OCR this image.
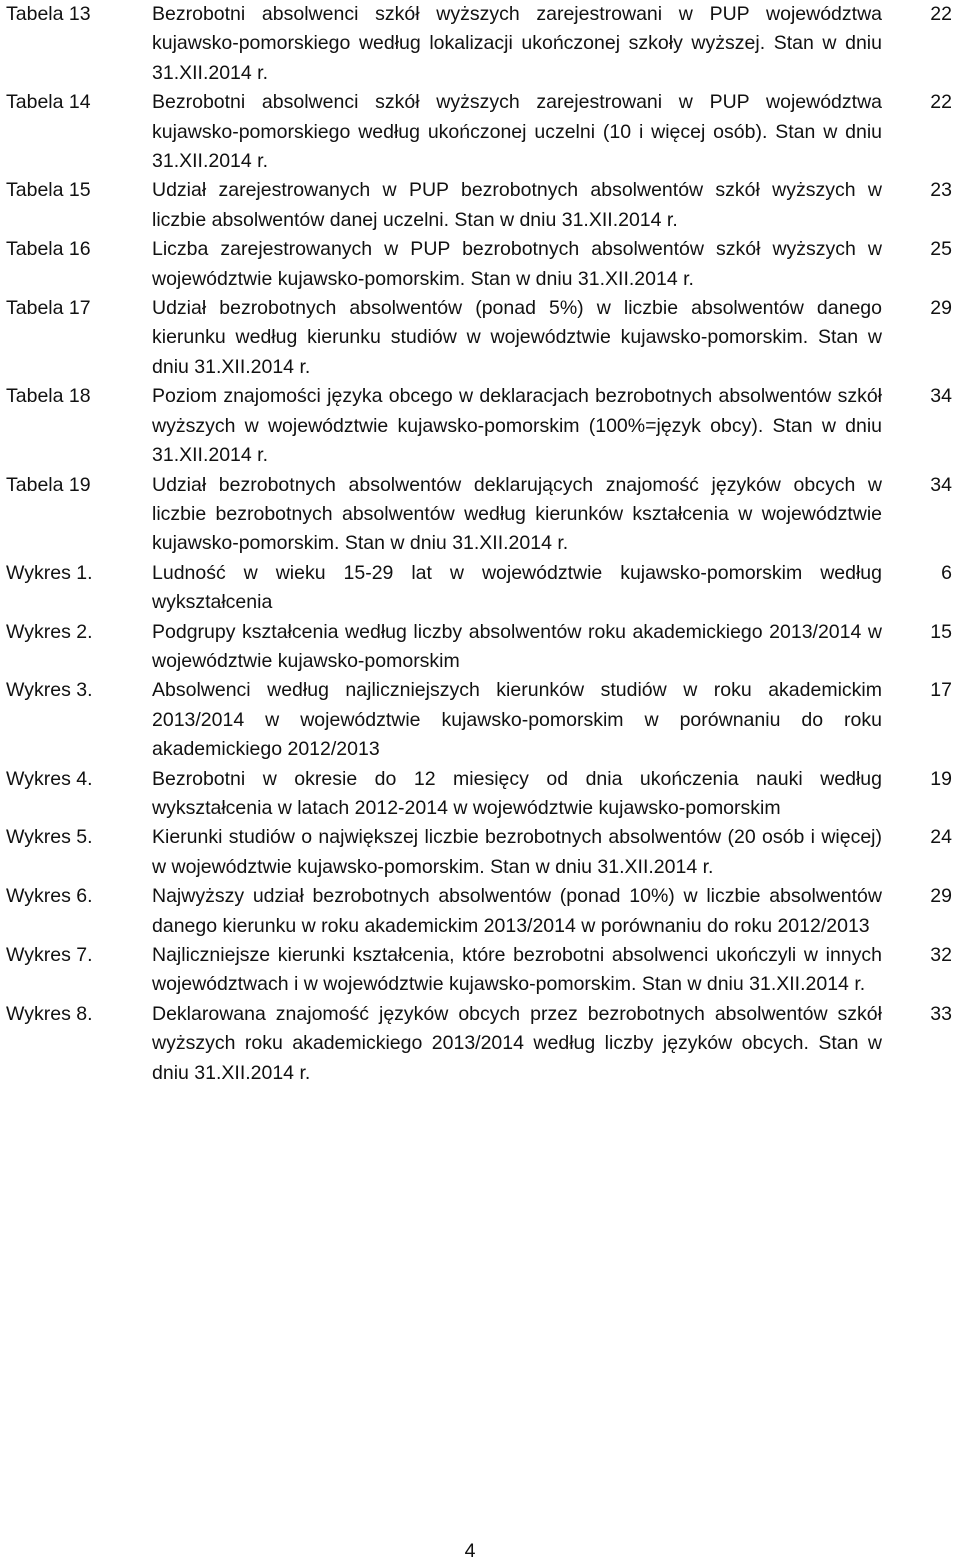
Tabela 13	Bezrobotni absolwenci szkół wyższych zarejestrowani w PUP województwa kujawsko-pomorskiego według lokalizacji ukończonej szkoły wyższej. Stan w dniu 31.XII.2014 r.
22
Tabela 14	Bezrobotni absolwenci szkół wyższych zarejestrowani w PUP województwa kujawsko-pomorskiego według ukończonej uczelni (10 i więcej osób). Stan w dniu 31.XII.2014 r.
22
Tabela 15	Udział zarejestrowanych w PUP bezrobotnych absolwentów szkół wyższych w liczbie absolwentów danej uczelni. Stan w dniu 31.XII.2014 r.
23
Tabela 16	Liczba zarejestrowanych w PUP bezrobotnych absolwentów szkół wyższych w województwie kujawsko-pomorskim. Stan w dniu 31.XII.2014 r.
25
Tabela 17	Udział bezrobotnych absolwentów (ponad 5%) w liczbie absolwentów danego kierunku według kierunku studiów w województwie kujawsko-pomorskim. Stan w dniu 31.XII.2014 r.
29
Tabela 18	Poziom znajomości języka obcego w deklaracjach bezrobotnych absolwentów szkół wyższych w województwie kujawsko-pomorskim (100%=język obcy). Stan w dniu 31.XII.2014 r.
34
Tabela 19	Udział bezrobotnych absolwentów deklarujących znajomość języków obcych w liczbie bezrobotnych absolwentów według kierunków kształcenia w województwie kujawsko-pomorskim. Stan w dniu 31.XII.2014 r.
34
Wykres 1.	Ludność w wieku 15-29 lat w województwie kujawsko-pomorskim według wykształcenia
6
Wykres 2.	Podgrupy kształcenia według liczby absolwentów roku akademickiego 2013/2014 w województwie kujawsko-pomorskim
15
Wykres 3.	Absolwenci według najliczniejszych kierunków studiów w roku akademickim 2013/2014 w województwie kujawsko-pomorskim w porównaniu do roku akademickiego 2012/2013
17
Wykres 4.	Bezrobotni w okresie do 12 miesięcy od dnia ukończenia nauki według wykształcenia w latach 2012-2014 w województwie kujawsko-pomorskim
19
Wykres 5.	Kierunki studiów o największej liczbie bezrobotnych absolwentów (20 osób i więcej) w województwie kujawsko-pomorskim. Stan w dniu 31.XII.2014 r.
24
Wykres 6.	Najwyższy udział bezrobotnych absolwentów (ponad 10%) w liczbie absolwentów danego kierunku w roku akademickim 2013/2014 w porównaniu do roku 2012/2013
29
Wykres 7.	Najliczniejsze kierunki kształcenia, które bezrobotni absolwenci ukończyli w innych województwach i w województwie kujawsko-pomorskim. Stan w dniu 31.XII.2014 r.
32
Wykres 8.	Deklarowana znajomość języków obcych przez bezrobotnych absolwentów szkół wyższych roku akademickiego 2013/2014 według liczby języków obcych. Stan w dniu 31.XII.2014 r.
33
4
